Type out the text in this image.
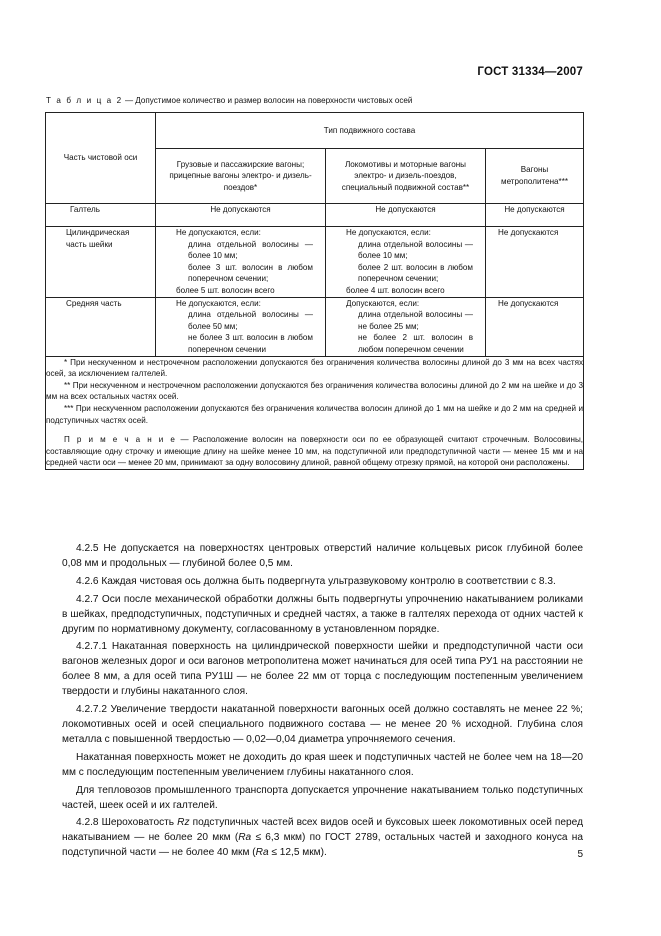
ГОСТ 31334—2007
Т а б л и ц а 2 — Допустимое количество и размер волосин на поверхности чистовых осей
Часть чистовой оси	Тип подвижного состава		

	Грузовые и пассажирские вагоны; прицепные вагоны электро- и дизель-поездов*	Локомотивы и моторные вагоны электро- и дизель-поездов, специальный подвижной состав**	Вагоны метрополитена***

Галтель	Не допускаются	Не допускаются	Не допускаются
Цилиндрическая часть шейки	Не допускаются, если:
длина отдельной волосины — более 10 мм;
более 3 шт. волосин в любом поперечном сечении;
более 5 шт. волосин всего	Не допускаются, если:
длина отдельной волосины — более 10 мм;
более 2 шт. волосин в любом поперечном сечении;
более 4 шт. волосин всего	Не допускаются
Средняя часть	Не допускаются, если:
длина отдельной волосины — более 50 мм;
не более 3 шт. волосин в любом поперечном сечении	Допускаются, если:
длина отдельной волосины — не более 25 мм;
не более 2 шт. волосин в любом поперечном сечении	Не допускаются

* При нескученном и нестрочечном расположении допускаются без ограничения количества волосины длиной до 3 мм на всех частях осей, за исключением галтелей.

** При нескученном и нестрочечном расположении допускаются без ограничения количества волосины длиной до 2 мм на шейке и до 3 мм на всех остальных частях осей.

*** При нескученном расположении допускаются без ограничения количества волосин длиной до 1 мм на шейке и до 2 мм на средней и подступичных частях осей.

П р и м е ч а н и е — Расположение волосин на поверхности оси по ее образующей считают строчечным. Волосовины, составляющие одну строчку и имеющие длину на шейке менее 10 мм, на подступичной или предподступичной части — менее 15 мм и на средней части оси — менее 20 мм, принимают за одну волосовину длиной, равной общему отрезку прямой, на которой они расположены.			

4.2.5 Не допускается на поверхностях центровых отверстий наличие кольцевых рисок глубиной более 0,08 мм и продольных — глубиной более 0,5 мм.

4.2.6 Каждая чистовая ось должна быть подвергнута ультразвуковому контролю в соответствии с 8.3.

4.2.7 Оси после механической обработки должны быть подвергнуты упрочнению накатыванием роликами в шейках, предподступичных, подступичных и средней частях, а также в галтелях перехода от одних частей к другим по нормативному документу, согласованному в установленном порядке.

4.2.7.1 Накатанная поверхность на цилиндрической поверхности шейки и предподступичной части оси вагонов железных дорог и оси вагонов метрополитена может начинаться для осей типа РУ1 на расстоянии не более 8 мм, а для осей типа РУ1Ш — не более 22 мм от торца с последующим постепенным увеличением твердости и глубины накатанного слоя.

4.2.7.2 Увеличение твердости накатанной поверхности вагонных осей должно составлять не менее 22 %; локомотивных осей и осей специального подвижного состава — не менее 20 % исходной. Глубина слоя металла с повышенной твердостью — 0,02—0,04 диаметра упрочняемого сечения.

Накатанная поверхность может не доходить до края шеек и подступичных частей не более чем на 18—20 мм с последующим постепенным увеличением глубины накатанного слоя.

Для тепловозов промышленного транспорта допускается упрочнение накатыванием только подступичных частей, шеек осей и их галтелей.

4.2.8 Шероховатость Rz подступичных частей всех видов осей и буксовых шеек локомотивных осей перед накатыванием — не более 20 мкм (Ra ≤ 6,3 мкм) по ГОСТ 2789, остальных частей и заходного конуса на подступичной части — не более 40 мкм (Ra ≤ 12,5 мкм).	5
